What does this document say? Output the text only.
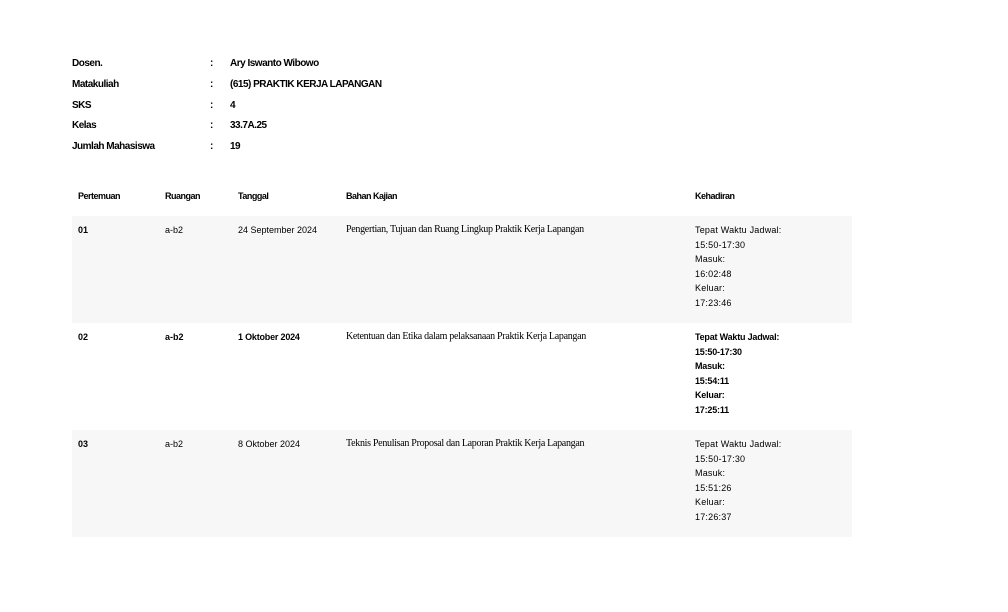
Dosen.	: Ary Iswanto Wibowo
Matakuliah	: (615) PRAKTIK KERJA LAPANGAN
SKS	: 4
Kelas	: 33.7A.25
Jumlah Mahasiswa	: 19
Pertemuan	Ruangan	Tanggal	Bahan Kajian	Kehadiran
01	a-b2	24 September 2024	Pengertian, Tujuan dan Ruang Lingkup Praktik Kerja Lapangan	Tepat Waktu Jadwal:
15:50-17:30
Masuk:
16:02:48
Keluar:
17:23:46
02	a-b2	1 Oktober 2024	Ketentuan dan Etika dalam pelaksanaan Praktik Kerja Lapangan	Tepat Waktu Jadwal:
15:50-17:30
Masuk:
15:54:11
Keluar:
17:25:11
03	a-b2	8 Oktober 2024	Teknis Penulisan Proposal dan Laporan Praktik Kerja Lapangan	Tepat Waktu Jadwal:
15:50-17:30
Masuk:
15:51:26
Keluar:
17:26:37
